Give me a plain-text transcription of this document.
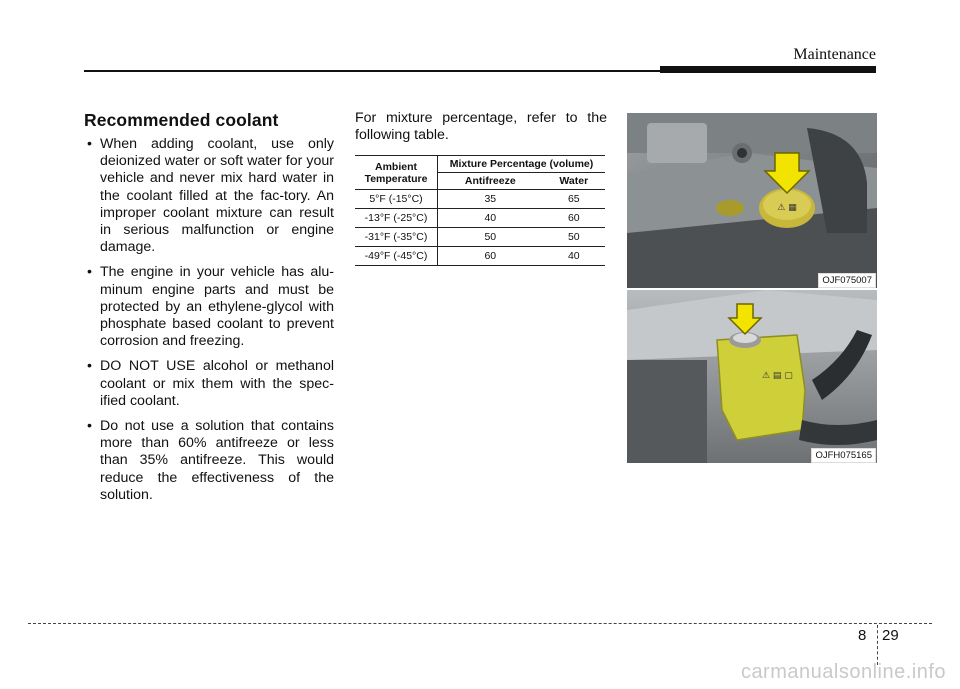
Maintenance
Recommended coolant
• When adding coolant, use only deionized water or soft water for your vehicle and never mix hard water in the coolant filled at the fac-tory. An improper coolant mixture can result in serious malfunction or engine damage.
• The engine in your vehicle has alu-minum engine parts and must be protected by an ethylene-glycol with phosphate based coolant to prevent corrosion and freezing.
• DO NOT USE alcohol or methanol coolant or mix them with the spec-ified coolant.
• Do not use a solution that contains more than 60% antifreeze or less than 35% antifreeze. This would reduce the effectiveness of the solution.

For mixture percentage, refer to the following table.

Ambient Temperature	Mixture Percentage (volume)	
	Antifreeze	Water
5°F (-15°C)	35	65
-13°F (-25°C)	40	60
-31°F (-35°C)	50	50
-49°F (-45°C)	60	40
⚠ ▦
OJF075007
⚠ ▤ ▢
OJFH075165
8 29
carmanualsonline.info
